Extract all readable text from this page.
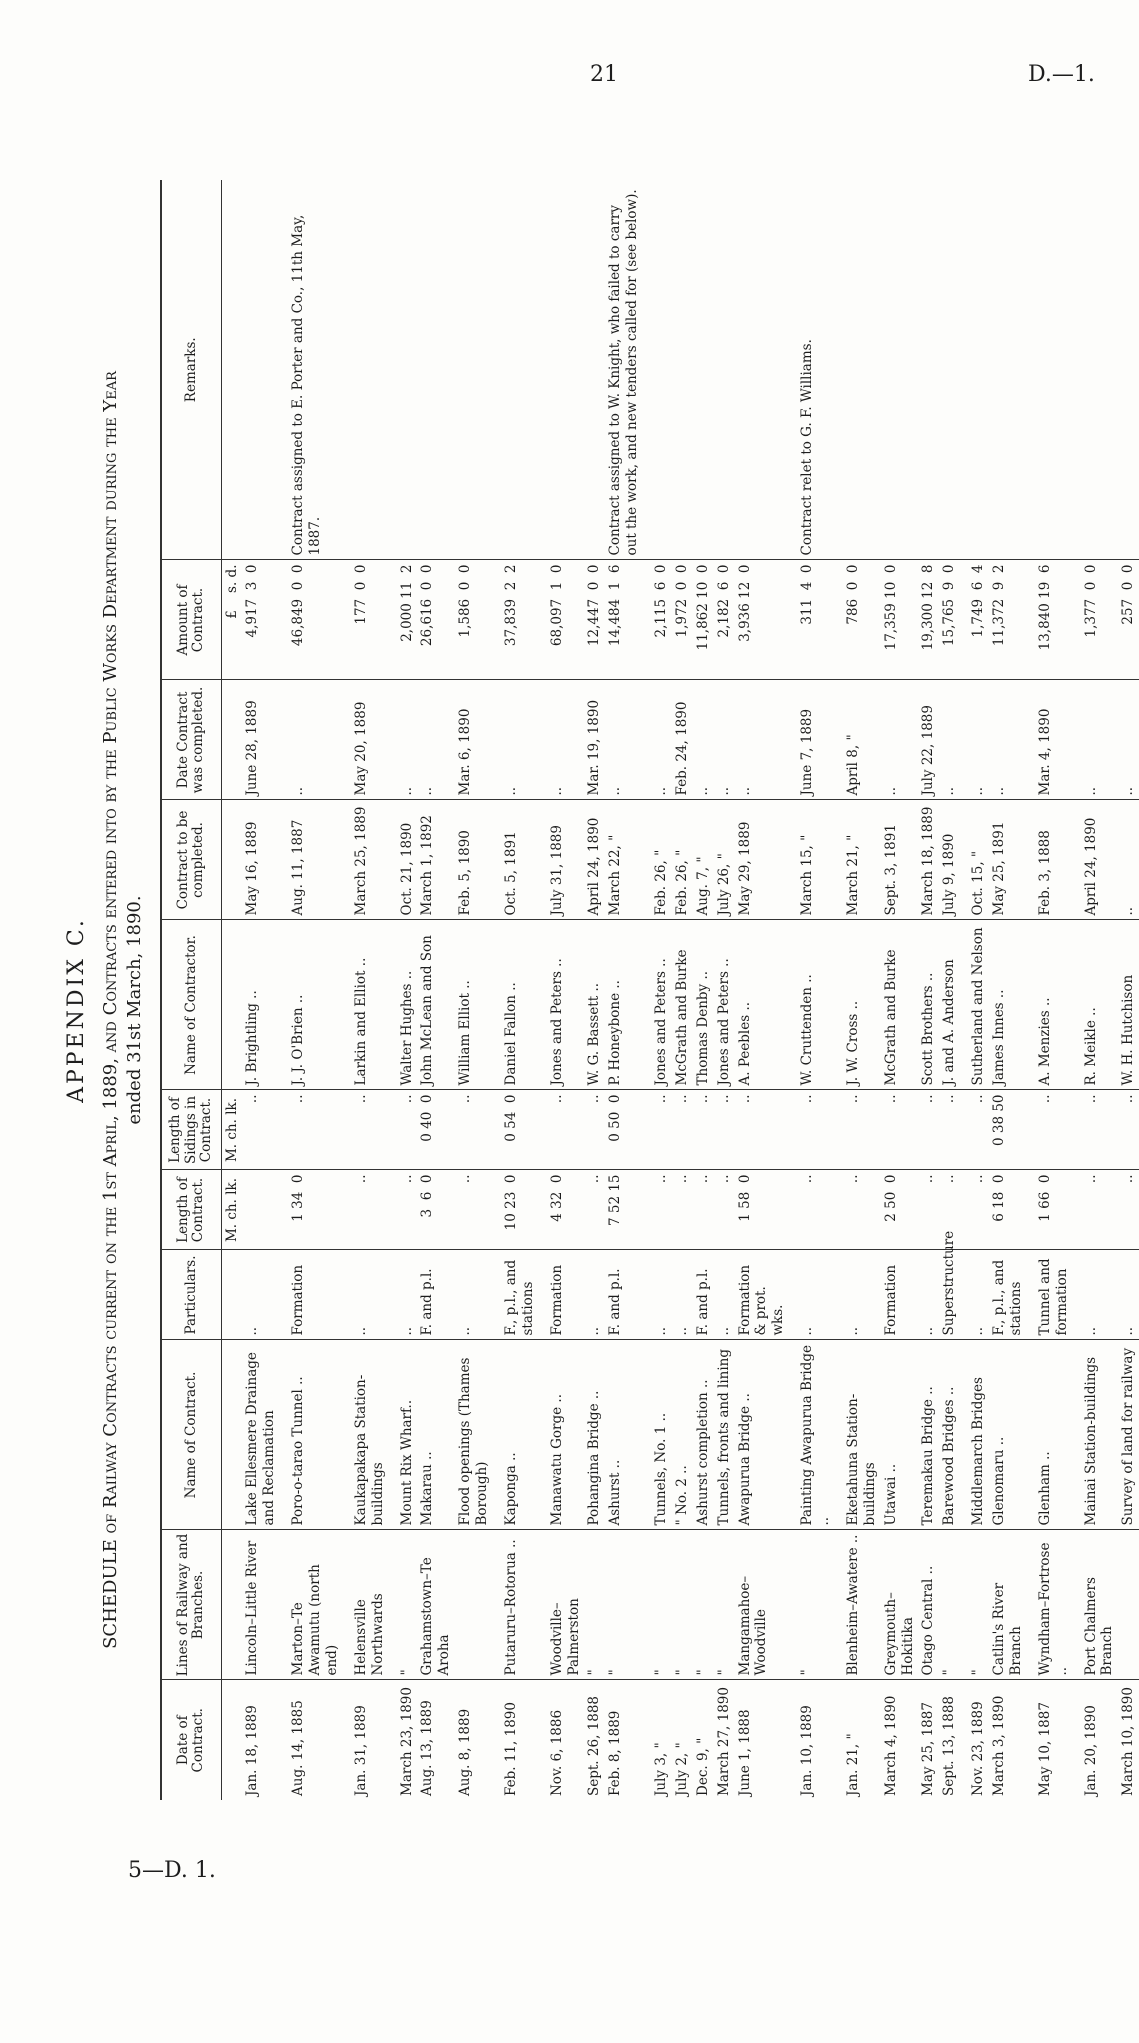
21	D.—1.
5—D. 1.
APPENDIX C. SCHEDULE of Railway Contracts current on the 1st April, 1889, and Contracts entered into by the Public Works Department during the Year ended 31st March, 1890.
Date of Contract.	Lines of Railway and Branches.	Name of Contract.	Particulars.	Length of Contract.	Length of Sidings in Contract.	Name of Contractor.	Contract to be completed.	Date Contract was completed.	Amount of Contract.	Remarks.
				M. ch. lk.	M. ch. lk.				£    s. d.	
Jan. 18, 1889	Lincoln–Little River	Lake Ellesmere Drainage and Reclamation	..		..	J. Brightling ..	May 16, 1889	June 28, 1889	4,917  3  0	
Aug. 14, 1885	Marton–Te Awamutu (north end)	Poro-o-tarao Tunnel ..	Formation	1 34  0	..	J. J. O'Brien ..	Aug. 11, 1887	..	46,849  0  0	Contract assigned to E. Porter and Co., 11th May, 1887.
Jan. 31, 1889	Helensville Northwards	Kaukapakapa Station-buildings	..	..	..	Larkin and Elliot ..	March 25, 1889	May 20, 1889	177  0  0	
March 23, 1890	"	Mount Rix Wharf..	..	..	..	Walter Hughes ..	Oct. 21, 1890	..	2,000 11  2	
Aug. 13, 1889	Grahamstown–Te Aroha	Makarau ..	F. and p.l.	3  6  0	0 40  0	John McLean and Son	March 1, 1892	..	26,616  0  0	
Aug. 8, 1889		Flood openings (Thames Borough)	..	..	..	William Elliot ..	Feb. 5, 1890	Mar. 6, 1890	1,586  0  0	
Feb. 11, 1890	Putaruru–Rotorua ..	Kaponga ..	F., p.l., and stations	10 23  0	0 54  0	Daniel Fallon ..	Oct. 5, 1891	..	37,839  2  2	
Nov. 6, 1886	Woodville–Palmerston	Manawatu Gorge ..	Formation	4 32  0	..	Jones and Peters ..	July 31, 1889	..	68,097  1  0	
Sept. 26, 1888	"	Pohangina Bridge ..	..	..	..	W. G. Bassett ..	April 24, 1890	Mar. 19, 1890	12,447  0  0	
Feb. 8, 1889	"	Ashurst ..	F. and p.l.	7 52 15	0 50  0	P. Honeybone ..	March 22, "	..	14,484  1  6	Contract assigned to W. Knight, who failed to carry out the work, and new tenders called for (see below).
July 3, "	"	Tunnels, No. 1 ..	..	..	..	Jones and Peters ..	Feb. 26, "	..	2,115  6  0	
July 2, "	"	" No. 2 ..	..	..	..	McGrath and Burke	Feb. 26, "	Feb. 24, 1890	1,972  0  0	
Dec. 9, "	"	Ashurst completion ..	F. and p.l.	..	..	Thomas Denby ..	Aug. 7, "	..	11,862 10  0	
March 27, 1890	"	Tunnels, fronts and lining	..	..	..	Jones and Peters ..	July 26, "	..	2,182  6  0	
June 1, 1888	Mangamahoe–Woodville	Awapuruа Bridge ..	Formation & prot. wks.	1 58  0	..	A. Peebles ..	May 29, 1889	..	3,936 12  0	
Jan. 10, 1889	"	Painting Awapurua Bridge ..	..	..	..	W. Cruttenden ..	March 15, "	June 7, 1889	311  4  0	Contract relet to G. F. Williams.
Jan. 21, "	Blenheim–Awatere ..	Eketahuna Station-buildings	..	..	..	J. W. Cross ..	March 21, "	April 8, "	786  0  0	
March 4, 1890	Greymouth–Hokitika	Utawai ..	Formation	2 50  0	..	McGrath and Burke	Sept. 3, 1891	..	17,359 10  0	
May 25, 1887	Otago Central ..	Teremakau Bridge ..	..	..	..	Scott Brothers ..	March 18, 1889	July 22, 1889	19,300 12  8	
Sept. 13, 1888	"	Barewood Bridges ..	Superstructure	..	..	J. and A. Anderson	July 9, 1890	..	15,765  9  0	
Nov. 23, 1889	"	Middlemarch Bridges	..	..	..	Sutherland and Nelson	Oct. 15, "	..	1,749  6  4	
March 3, 1890	Catlin's River Branch	Glenomaru ..	F., p.l., and stations	6 18  0	0 38 50	James Innes ..	May 25, 1891	..	11,372  9  2	
May 10, 1887	Wyndham–Fortrose ..	Glenham ..	Tunnel and formation	1 66  0	..	A. Menzies ..	Feb. 3, 1888	Mar. 4, 1890	13,840 19  6	
Jan. 20, 1890	Port Chalmers Branch	Mainai Station-buildings	..	..	..	R. Meikle ..	April 24, 1890	..	1,377  0  0	
March 10, 1890		Survey of land for railway	..	..	..	W. H. Hutchison	..	..	257  0  0	
